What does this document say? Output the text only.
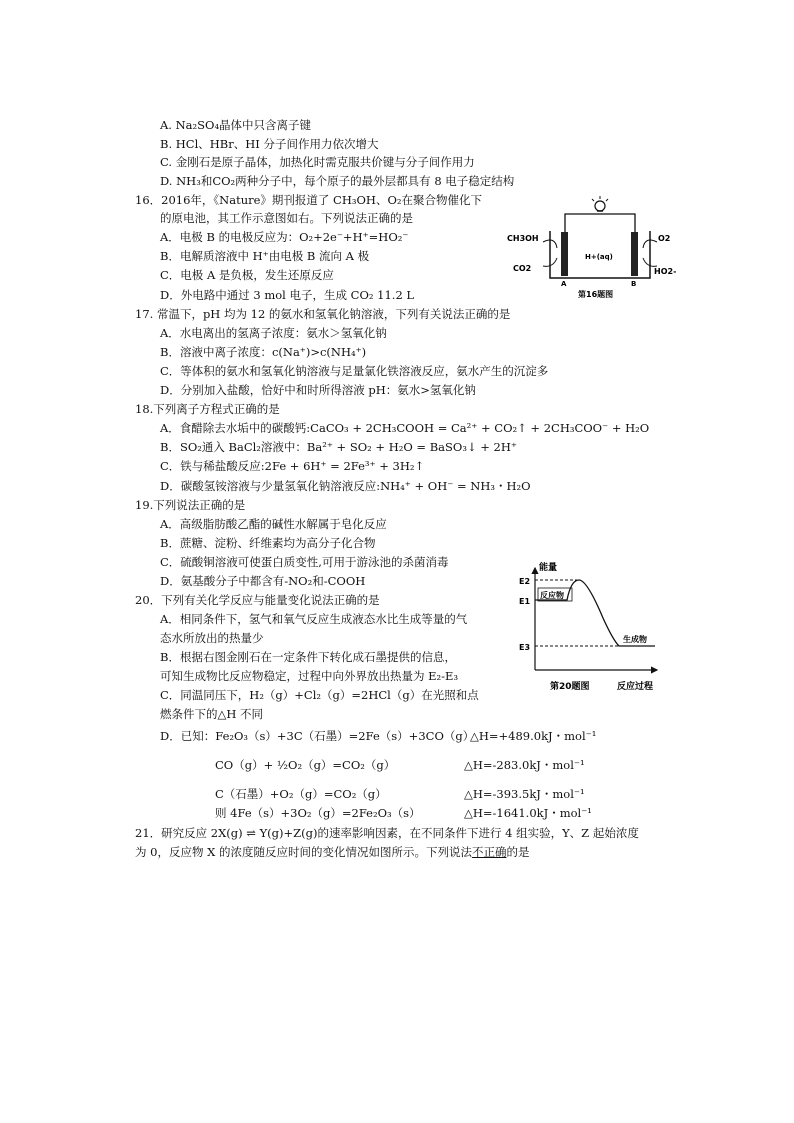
A. Na₂SO₄晶体中只含离子键
B. HCl、HBr、HI 分子间作用力依次增大
C. 金刚石是原子晶体，加热化时需克服共价键与分子间作用力
D. NH₃和CO₂两种分子中，每个原子的最外层都具有 8 电子稳定结构
16．2016年，《Nature》期刊报道了 CH₃OH、O₂在聚合物催化下
的原电池，其工作示意图如右。下列说法正确的是
A．电极 B 的电极反应为：O₂+2e⁻+H⁺=HO₂⁻
B．电解质溶液中 H⁺由电极 B 流向 A 极
C．电极 A 是负极，发生还原反应
D．外电路中通过 3 mol 电子，生成 CO₂ 11.2 L
CH3OH
CO2
O2
HO2-
H+(aq)
A	B
第16题图
17. 常温下，pH 均为 12 的氨水和氢氧化钠溶液，下列有关说法正确的是
A．水电离出的氢离子浓度：氨水＞氢氧化钠
B．溶液中离子浓度：c(Na⁺)>c(NH₄⁺)
C．等体积的氨水和氢氧化钠溶液与足量氯化铁溶液反应，氨水产生的沉淀多
D．分别加入盐酸，恰好中和时所得溶液 pH：氨水>氢氧化钠
18.下列离子方程式正确的是
A．食醋除去水垢中的碳酸钙:CaCO₃ + 2CH₃COOH = Ca²⁺ + CO₂↑ + 2CH₃COO⁻ + H₂O
B．SO₂通入 BaCl₂溶液中：Ba²⁺ + SO₂ + H₂O = BaSO₃↓ + 2H⁺
C．铁与稀盐酸反应:2Fe + 6H⁺ = 2Fe³⁺ + 3H₂↑
D．碳酸氢铵溶液与少量氢氧化钠溶液反应:NH₄⁺ + OH⁻ = NH₃・H₂O
19.下列说法正确的是
A．高级脂肪酸乙酯的碱性水解属于皂化反应
B．蔗糖、淀粉、纤维素均为高分子化合物
C．硫酸铜溶液可使蛋白质变性,可用于游泳池的杀菌消毒
D．氨基酸分子中都含有-NO₂和-COOH
20．下列有关化学反应与能量变化说法正确的是
A．相同条件下，氢气和氧气反应生成液态水比生成等量的气
态水所放出的热量少
B．根据右图金刚石在一定条件下转化成石墨提供的信息，
可知生成物比反应物稳定，过程中向外界放出热量为 E₂-E₃
C．同温同压下，H₂（g）+Cl₂（g）=2HCl（g）在光照和点
燃条件下的△H 不同
D．已知：Fe₂O₃（s）+3C（石墨）=2Fe（s）+3CO（g）
△H=+489.0kJ・mol⁻¹
CO（g）+ ½O₂（g）=CO₂（g）	△H=-283.0kJ・mol⁻¹
C（石墨）+O₂（g）=CO₂（g）	△H=-393.5kJ・mol⁻¹
则 4Fe（s）+3O₂（g）=2Fe₂O₃（s）	△H=-1641.0kJ・mol⁻¹
能量
反应过程
反应物
生成物
E2
E1
E3
第20题图
21．研究反应 2X(g) ⇌ Y(g)+Z(g)的速率影响因素，在不同条件下进行 4 组实验，Y、Z 起始浓度
为 0，反应物 X 的浓度随反应时间的变化情况如图所示。下列说法不正确的是
